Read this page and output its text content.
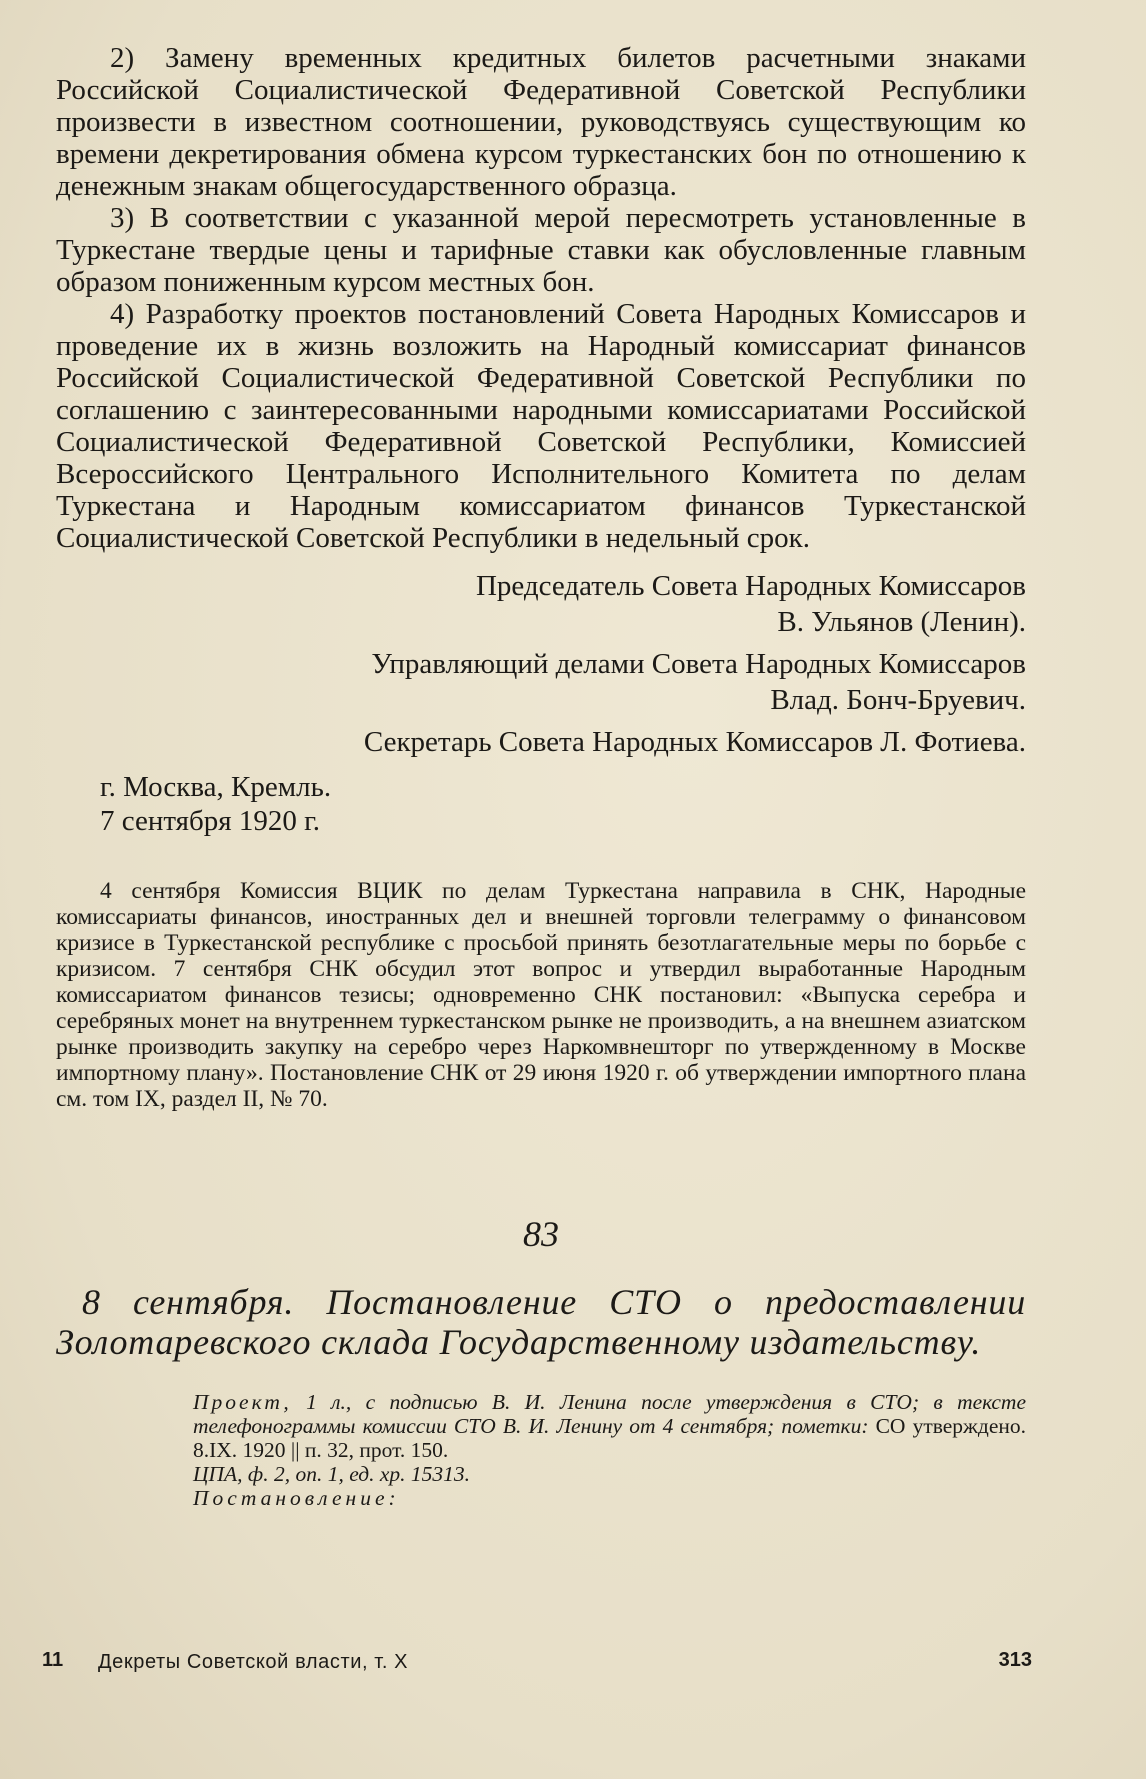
2) Замену временных кредитных билетов расчетными знаками Российской Социалистической Федеративной Советской Республики произвести в известном соотношении, руководствуясь существующим ко времени декретирования обмена курсом туркестанских бон по отношению к денежным знакам общегосударственного образца.

3) В соответствии с указанной мерой пересмотреть установленные в Туркестане твердые цены и тарифные ставки как обусловленные главным образом пониженным курсом местных бон.

4) Разработку проектов постановлений Совета Народных Комиссаров и проведение их в жизнь возложить на Народный комиссариат финансов Российской Социалистической Федеративной Советской Республики по соглашению с заинтересованными народными комиссариатами Российской Социалистической Федеративной Советской Республики, Комиссией Всероссийского Центрального Исполнительного Комитета по делам Туркестана и Народным комиссариатом финансов Туркестанской Социалистической Советской Республики в недельный срок.

Председатель Совета Народных Комиссаров
В. Ульянов (Ленин).
Управляющий делами Совета Народных Комиссаров
Влад. Бонч-Бруевич.
Секретарь Совета Народных Комиссаров Л. Фотиева.

г. Москва, Кремль.

7 сентября 1920 г.

4 сентября Комиссия ВЦИК по делам Туркестана направила в СНК, Народные комиссариаты финансов, иностранных дел и внешней торговли телеграмму о финансовом кризисе в Туркестанской республике с просьбой принять безотлагательные меры по борьбе с кризисом. 7 сентября СНК обсудил этот вопрос и утвердил выработанные Народным комиссариатом финансов тезисы; одновременно СНК постановил: «Выпуска серебра и серебряных монет на внутреннем туркестанском рынке не производить, а на внешнем азиатском рынке производить закупку на серебро через Наркомвнешторг по утвержденному в Москве импортному плану». Постановление СНК от 29 июня 1920 г. об утверждении импортного плана см. том IX, раздел II, № 70.

83
8 сентября. Постановление СТО о предоставлении Золотаревского склада Государственному издательству.

Проект, 1 л., с подписью В. И. Ленина после утверждения в СТО; в тексте телефонограммы комиссии СТО В. И. Ленину от 4 сентября; пометки: СО утверждено. 8.IX. 1920 || п. 32, прот. 150.

ЦПА, ф. 2, оп. 1, ед. хр. 15313.

Постановление:

11 Декреты Советской власти, т. X	313
